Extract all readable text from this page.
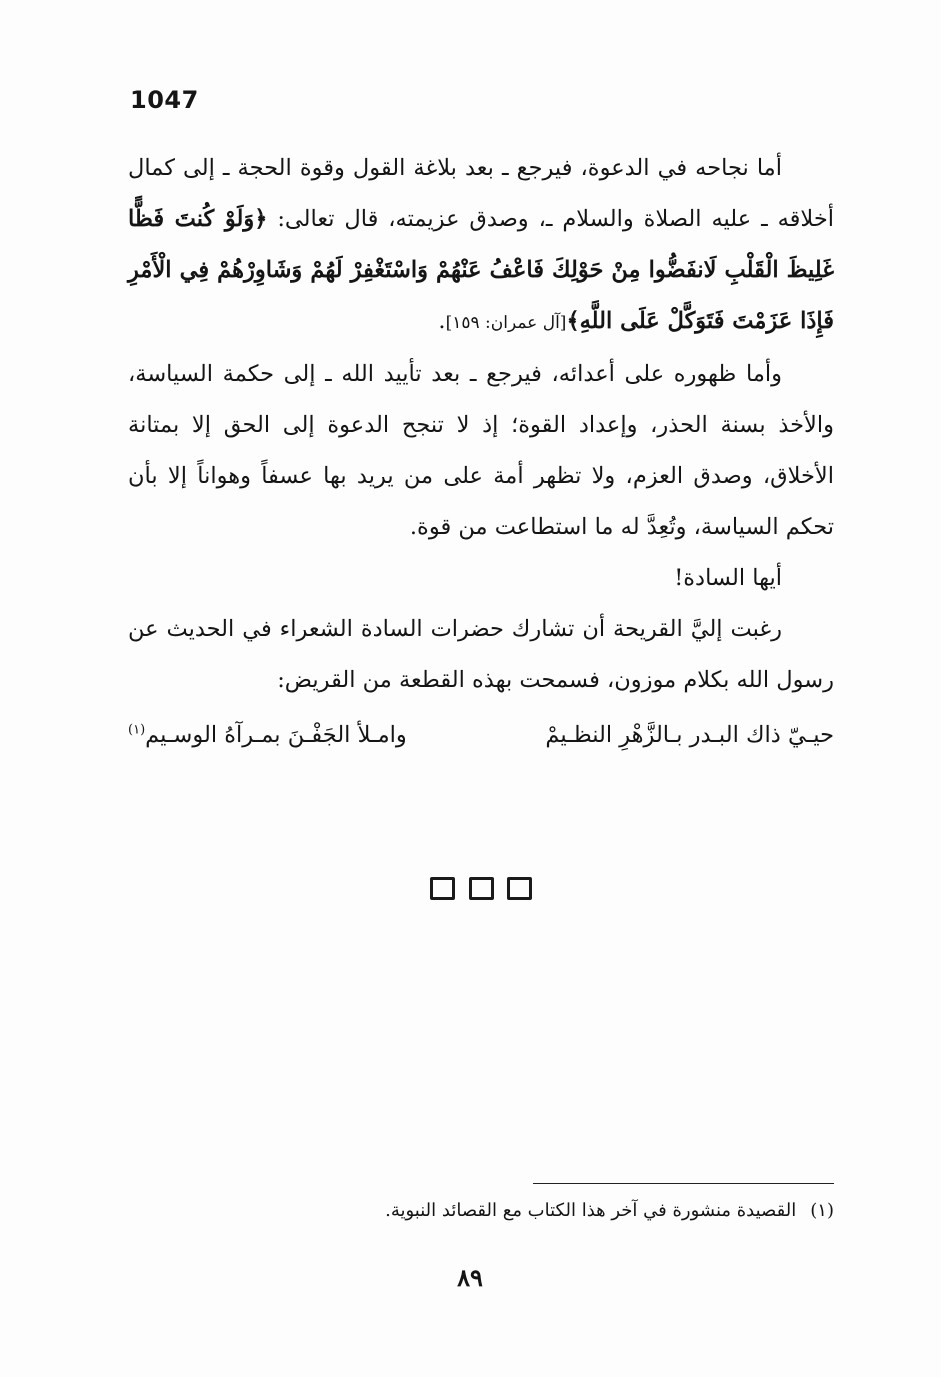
1047

أما نجاحه في الدعوة، فيرجع ـ بعد بلاغة القول وقوة الحجة ـ إلى كمال أخلاقه ـ عليه الصلاة والسلام ـ، وصدق عزيمته، قال تعالى: ﴿وَلَوْ كُنتَ فَظًّا غَلِيظَ الْقَلْبِ لَانفَضُّوا مِنْ حَوْلِكَ فَاعْفُ عَنْهُمْ وَاسْتَغْفِرْ لَهُمْ وَشَاوِرْهُمْ فِي الْأَمْرِ فَإِذَا عَزَمْتَ فَتَوَكَّلْ عَلَى اللَّهِ﴾[آل عمران: ١٥٩].

وأما ظهوره على أعدائه، فيرجع ـ بعد تأييد الله ـ إلى حكمة السياسة، والأخذ بسنة الحذر، وإعداد القوة؛ إذ لا تنجح الدعوة إلى الحق إلا بمتانة الأخلاق، وصدق العزم، ولا تظهر أمة على من يريد بها عسفاً وهواناً إلا بأن تحكم السياسة، وتُعِدَّ له ما استطاعت من قوة.

أيها السادة!

رغبت إليَّ القريحة أن تشارك حضرات السادة الشعراء في الحديث عن رسول الله بكلام موزون، فسمحت بهذه القطعة من القريض:

حيـيّ ذاك البـدر بـالزَّهْرِ النظـيمْ
وامـلأ الجَفْـنَ بمـرآهُ الوسـيم$^{(١)}$
(١)القصيدة منشورة في آخر هذا الكتاب مع القصائد النبوية.
٨٩
